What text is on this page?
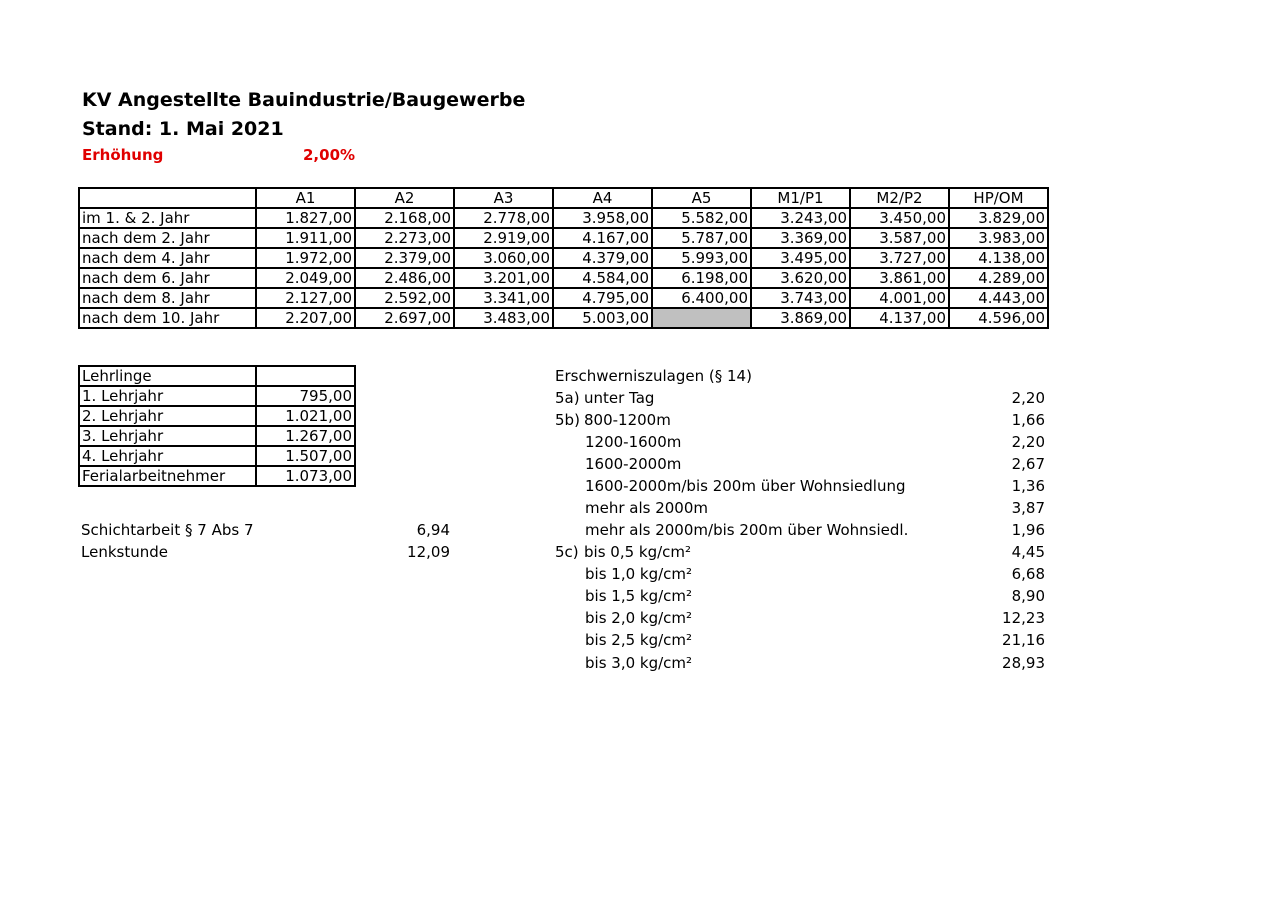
KV Angestellte Bauindustrie/Baugewerbe
Stand: 1. Mai 2021
Erhöhung	2,00%
	A1	A2	A3	A4	A5	M1/P1	M2/P2	HP/OM
im 1. & 2. Jahr	1.827,00	2.168,00	2.778,00	3.958,00	5.582,00	3.243,00	3.450,00	3.829,00
nach dem 2. Jahr	1.911,00	2.273,00	2.919,00	4.167,00	5.787,00	3.369,00	3.587,00	3.983,00
nach dem 4. Jahr	1.972,00	2.379,00	3.060,00	4.379,00	5.993,00	3.495,00	3.727,00	4.138,00
nach dem 6. Jahr	2.049,00	2.486,00	3.201,00	4.584,00	6.198,00	3.620,00	3.861,00	4.289,00
nach dem 8. Jahr	2.127,00	2.592,00	3.341,00	4.795,00	6.400,00	3.743,00	4.001,00	4.443,00
nach dem 10. Jahr	2.207,00	2.697,00	3.483,00	5.003,00		3.869,00	4.137,00	4.596,00
Lehrlinge	
1. Lehrjahr	795,00
2. Lehrjahr	1.021,00
3. Lehrjahr	1.267,00
4. Lehrjahr	1.507,00
Ferialarbeitnehmer	1.073,00
Schichtarbeit § 7 Abs 7	6,94
Lenkstunde	12,09
Erschwerniszulagen (§ 14)
5a) unter Tag	2,20
5b) 800-1200m	1,66
1200-1600m	2,20
1600-2000m	2,67
1600-2000m/bis 200m über Wohnsiedlung	1,36
mehr als 2000m	3,87
mehr als 2000m/bis 200m über Wohnsiedl.	1,96
5c) bis 0,5 kg/cm²	4,45
bis 1,0 kg/cm²	6,68
bis 1,5 kg/cm²	8,90
bis 2,0 kg/cm²	12,23
bis 2,5 kg/cm²	21,16
bis 3,0 kg/cm²	28,93
